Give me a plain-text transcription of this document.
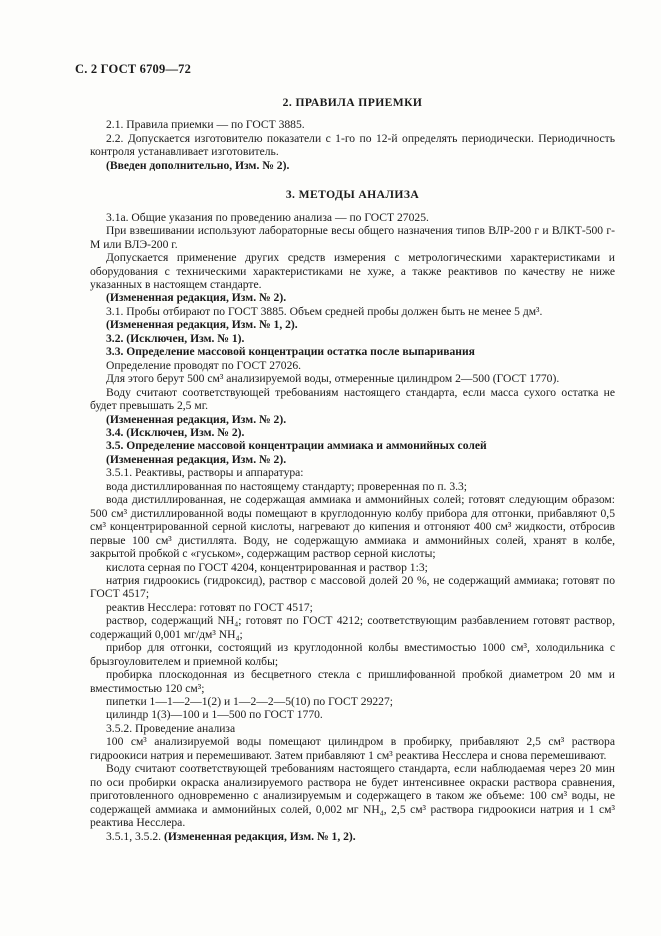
С. 2 ГОСТ 6709—72
2. ПРАВИЛА ПРИЕМКИ

2.1. Правила приемки — по ГОСТ 3885.

2.2. Допускается изготовителю показатели с 1-го по 12-й определять периодически. Периодичность контроля устанавливает изготовитель.

(Введен дополнительно, Изм. № 2).

3. МЕТОДЫ АНАЛИЗА

3.1а. Общие указания по проведению анализа — по ГОСТ 27025.

При взвешивании используют лабораторные весы общего назначения типов ВЛР-200 г и ВЛКТ-500 г-М или ВЛЭ-200 г.

Допускается применение других средств измерения с метрологическими характеристиками и оборудования с техническими характеристиками не хуже, а также реактивов по качеству не ниже указанных в настоящем стандарте.

(Измененная редакция, Изм. № 2).

3.1. Пробы отбирают по ГОСТ 3885. Объем средней пробы должен быть не менее 5 дм³.

(Измененная редакция, Изм. № 1, 2).

3.2. (Исключен, Изм. № 1).

3.3. Определение массовой концентрации остатка после выпаривания

Определение проводят по ГОСТ 27026.

Для этого берут 500 см³ анализируемой воды, отмеренные цилиндром 2—500 (ГОСТ 1770).

Воду считают соответствующей требованиям настоящего стандарта, если масса сухого остатка не будет превышать 2,5 мг.

(Измененная редакция, Изм. № 2).

3.4. (Исключен, Изм. № 2).

3.5. Определение массовой концентрации аммиака и аммонийных солей

(Измененная редакция, Изм. № 2).

3.5.1. Реактивы, растворы и аппаратура:

вода дистиллированная по настоящему стандарту; проверенная по п. 3.3;

вода дистиллированная, не содержащая аммиака и аммонийных солей; готовят следующим образом: 500 см³ дистиллированной воды помещают в круглодонную колбу прибора для отгонки, прибавляют 0,5 см³ концентрированной серной кислоты, нагревают до кипения и отгоняют 400 см³ жидкости, отбросив первые 100 см³ дистиллята. Воду, не содержащую аммиака и аммонийных солей, хранят в колбе, закрытой пробкой с «гуськом», содержащим раствор серной кислоты;

кислота серная по ГОСТ 4204, концентрированная и раствор 1:3;

натрия гидроокись (гидроксид), раствор с массовой долей 20 %, не содержащий аммиака; готовят по ГОСТ 4517;

реактив Несслера: готовят по ГОСТ 4517;

раствор, содержащий NH₄; готовят по ГОСТ 4212; соответствующим разбавлением готовят раствор, содержащий 0,001 мг/дм³ NH₄;

прибор для отгонки, состоящий из круглодонной колбы вместимостью 1000 см³, холодильника с брызгоуловителем и приемной колбы;

пробирка плоскодонная из бесцветного стекла с пришлифованной пробкой диаметром 20 мм и вместимостью 120 см³;

пипетки 1—1—2—1(2) и 1—2—2—5(10) по ГОСТ 29227;

цилиндр 1(3)—100 и 1—500 по ГОСТ 1770.

3.5.2. Проведение анализа

100 см³ анализируемой воды помещают цилиндром в пробирку, прибавляют 2,5 см³ раствора гидроокиси натрия и перемешивают. Затем прибавляют 1 см³ реактива Несслера и снова перемешивают.

Воду считают соответствующей требованиям настоящего стандарта, если наблюдаемая через 20 мин по оси пробирки окраска анализируемого раствора не будет интенсивнее окраски раствора сравнения, приготовленного одновременно с анализируемым и содержащего в таком же объеме: 100 см³ воды, не содержащей аммиака и аммонийных солей, 0,002 мг NH₄, 2,5 см³ раствора гидроокиси натрия и 1 см³ реактива Несслера.

3.5.1, 3.5.2. (Измененная редакция, Изм. № 1, 2).
